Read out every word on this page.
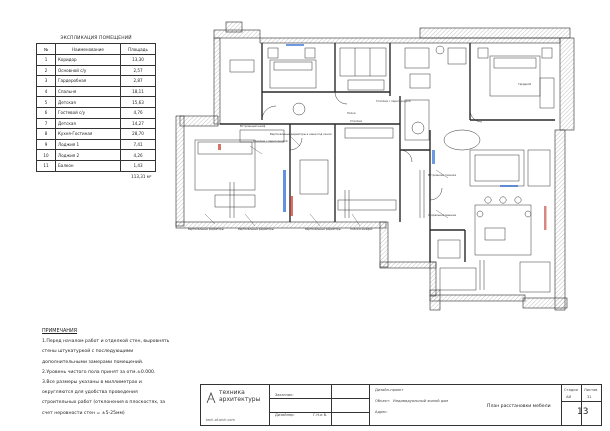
ЭКСПЛИКАЦИЯ ПОМЕЩЕНИЙ
№	Наименование	Площадь
1	Коридор	13,30
2	Основной с/у	2,57
3	Гардеробная	2,87
4	Спальня	18,11
5	Детская	15,63
6	Гостевой с/у	4,76
7	Детская	14,27
8	Кухня-Гостиная	28,70
9	Лоджия 1	7,41
10	Лоджия 2	4,26
11	Балкон	1,43
113,31 м²		
ПРИМЕЧАНИЯ
1.Перед началом работ и отделкой стен, выровнять
стены штукатуркой с последующими
дополнительными замерами помещений.
2.Уровень чистого пола принят за отм.±0.000.
3.Все размеры указаны в миллиметрах и
округляются для удобства проведения
строительных работ (отклонения в плоскостях, за
счет неровности стен = ±5-25мм)
Гардероб
Стеллаж
Стеллаж с перегородкой
Стеллаж с перегородкой
Вертикальные радиаторы в ниши под окном
Вертикальные радиаторы	Вертикальные радиаторы	Вертикальные радиаторы	Полки в шкафах
Встроенная техника
Стиральная машина
Полки
Встроенный шкаф
техника
архитектуры
tech-of-arch.com
Заказчик:
Дизайнер:	Г.Н.и В.
Дизайн-проект
Объект: Индивидуальный жилой дом
Адрес:
План расстановки мебели
Стадия
АИ
Листов
31
13
